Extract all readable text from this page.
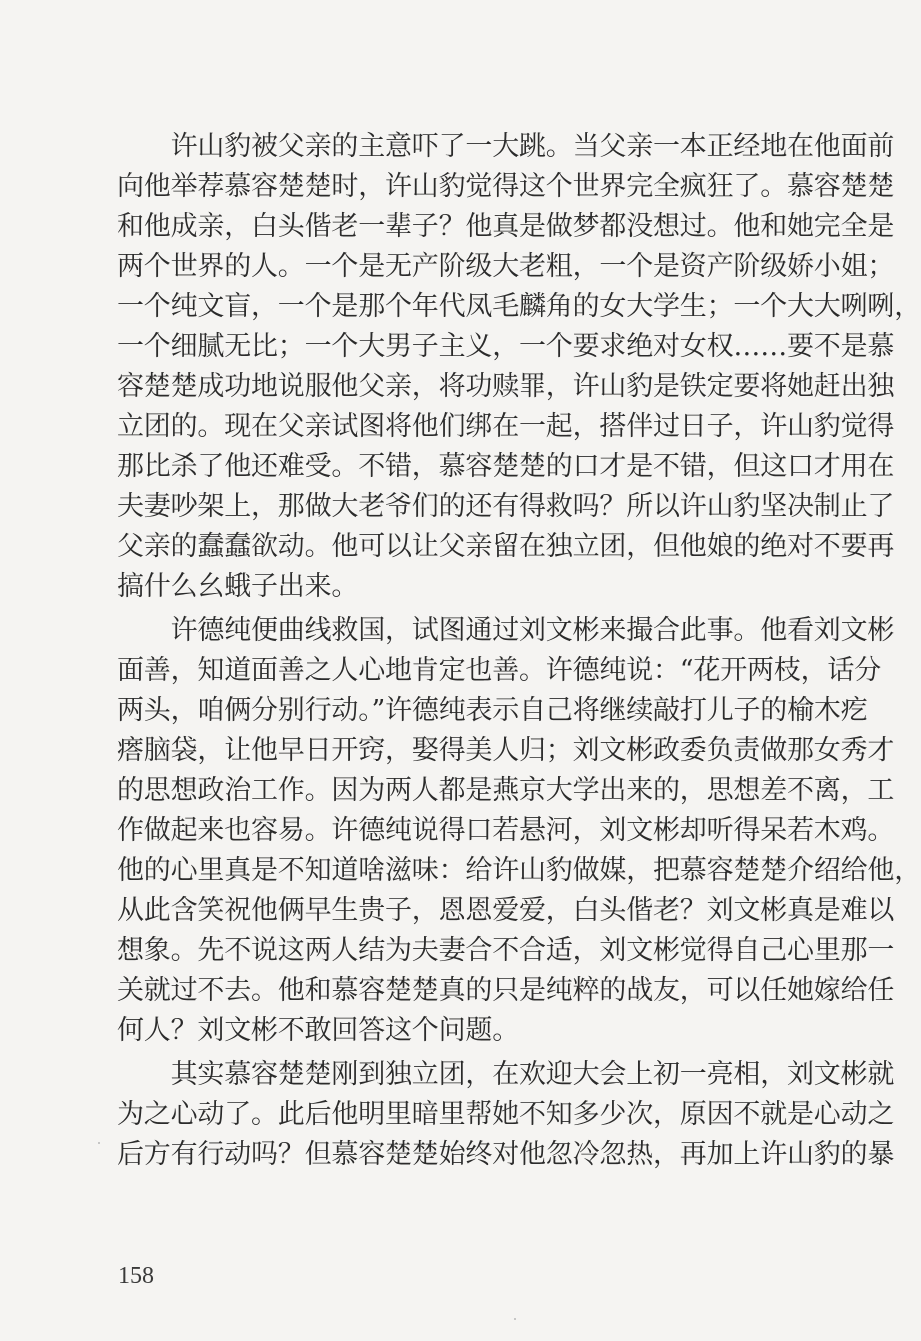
　　许山豹被父亲的主意吓了一大跳。当父亲一本正经地在他面前
向他举荐慕容楚楚时，许山豹觉得这个世界完全疯狂了。慕容楚楚
和他成亲，白头偕老一辈子？他真是做梦都没想过。他和她完全是
两个世界的人。一个是无产阶级大老粗，一个是资产阶级娇小姐；
一个纯文盲，一个是那个年代凤毛麟角的女大学生；一个大大咧咧，
一个细腻无比；一个大男子主义，一个要求绝对女权……要不是慕
容楚楚成功地说服他父亲，将功赎罪，许山豹是铁定要将她赶出独
立团的。现在父亲试图将他们绑在一起，搭伴过日子，许山豹觉得
那比杀了他还难受。不错，慕容楚楚的口才是不错，但这口才用在
夫妻吵架上，那做大老爷们的还有得救吗？所以许山豹坚决制止了
父亲的蠢蠢欲动。他可以让父亲留在独立团，但他娘的绝对不要再
搞什么幺蛾子出来。
　　许德纯便曲线救国，试图通过刘文彬来撮合此事。他看刘文彬
面善，知道面善之人心地肯定也善。许德纯说：“花开两枝，话分
两头，咱俩分别行动。”许德纯表示自己将继续敲打儿子的榆木疙
瘩脑袋，让他早日开窍，娶得美人归；刘文彬政委负责做那女秀才
的思想政治工作。因为两人都是燕京大学出来的，思想差不离，工
作做起来也容易。许德纯说得口若悬河，刘文彬却听得呆若木鸡。
他的心里真是不知道啥滋味：给许山豹做媒，把慕容楚楚介绍给他，
从此含笑祝他俩早生贵子，恩恩爱爱，白头偕老？刘文彬真是难以
想象。先不说这两人结为夫妻合不合适，刘文彬觉得自己心里那一
关就过不去。他和慕容楚楚真的只是纯粹的战友，可以任她嫁给任
何人？刘文彬不敢回答这个问题。
　　其实慕容楚楚刚到独立团，在欢迎大会上初一亮相，刘文彬就
为之心动了。此后他明里暗里帮她不知多少次，原因不就是心动之
后方有行动吗？但慕容楚楚始终对他忽冷忽热，再加上许山豹的暴
158
